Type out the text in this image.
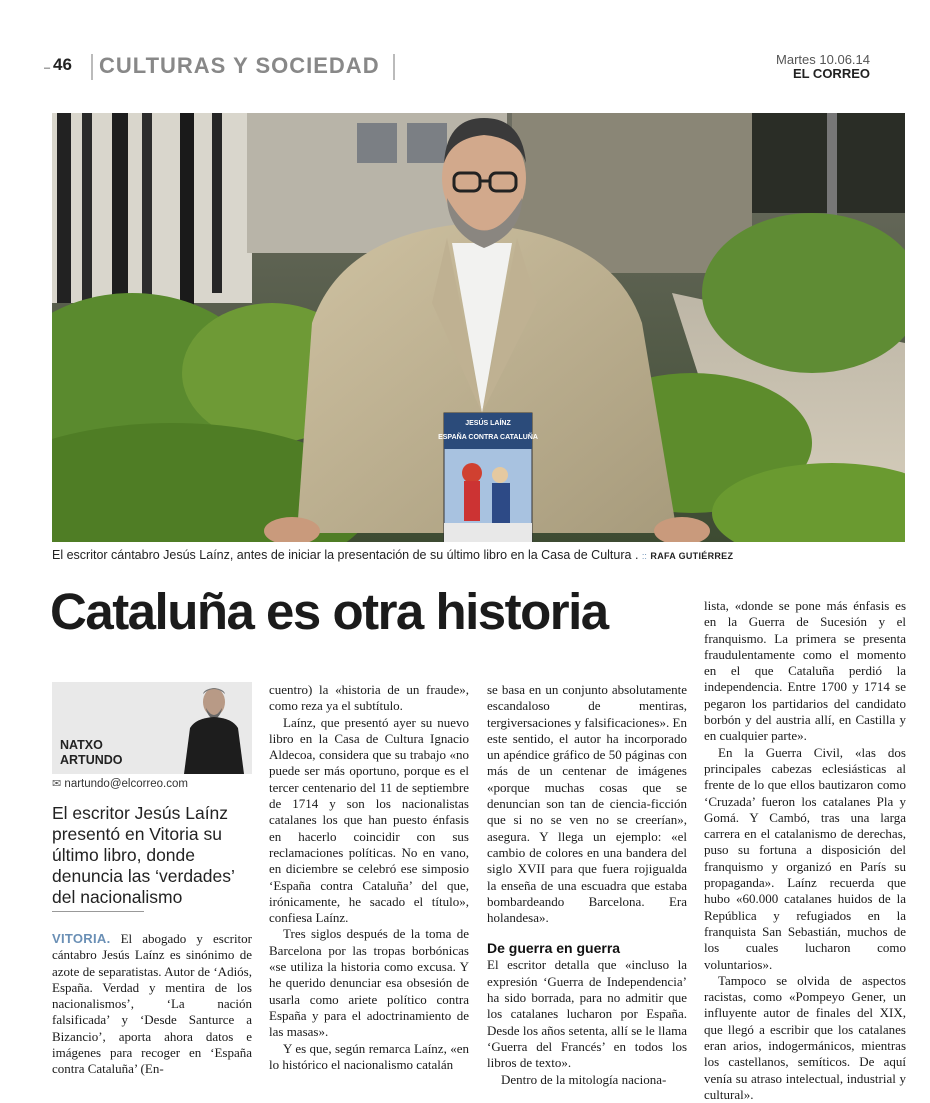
– 46 CULTURAS Y SOCIEDAD	Martes 10.06.14
EL CORREO
JESÚS LAÍNZ
ESPAÑA CONTRA CATALUÑA
El escritor cántabro Jesús Laínz, antes de iniciar la presentación de su último libro en la Casa de Cultura . :: RAFA GUTIÉRREZ
Cataluña es otra historia
NATXO
ARTUNDO
✉ nartundo@elcorreo.com
El escritor Jesús Laínz presentó en Vitoria su último libro, donde denuncia las ‘verdades’ del nacionalismo

VITORIA. El abogado y escritor cántabro Jesús Laínz es sinónimo de azote de separatistas. Autor de ‘Adiós, España. Verdad y mentira de los nacionalismos’, ‘La nación falsificada’ y ‘Desde Santurce a Bizancio’, aporta ahora datos e imágenes para recoger en ‘España contra Cataluña’ (En-

cuentro) la «historia de un fraude», como reza ya el subtítulo.

Laínz, que presentó ayer su nuevo libro en la Casa de Cultura Ignacio Aldecoa, considera que su trabajo «no puede ser más oportuno, porque es el tercer centenario del 11 de septiembre de 1714 y son los nacionalistas catalanes los que han puesto énfasis en hacerlo coincidir con sus reclamaciones políticas. No en vano, en diciembre se celebró ese simposio ‘España contra Cataluña’ del que, irónicamente, he sacado el título», confiesa Laínz.

Tres siglos después de la toma de Barcelona por las tropas borbónicas «se utiliza la historia como excusa. Y he querido denunciar esa obsesión de usarla como ariete político contra España y para el adoctrinamiento de las masas».

Y es que, según remarca Laínz, «en lo histórico el nacionalismo catalán

se basa en un conjunto absolutamente escandaloso de mentiras, tergiversaciones y falsificaciones». En este sentido, el autor ha incorporado un apéndice gráfico de 50 páginas con más de un centenar de imágenes «porque muchas cosas que se denuncian son tan de ciencia-ficción que si no se ven no se creerían», asegura. Y llega un ejemplo: «el cambio de colores en una bandera del siglo XVII para que fuera rojigualda la enseña de una escuadra que estaba bombardeando Barcelona. Era holandesa».

De guerra en guerra

El escritor detalla que «incluso la expresión ‘Guerra de Independencia’ ha sido borrada, para no admitir que los catalanes lucharon por España. Desde los años setenta, allí se le llama ‘Guerra del Francés’ en todos los libros de texto».

Dentro de la mitología naciona-

lista, «donde se pone más énfasis es en la Guerra de Sucesión y el franquismo. La primera se presenta fraudulentamente como el momento en el que Cataluña perdió la independencia. Entre 1700 y 1714 se pegaron los partidarios del candidato borbón y del austria allí, en Castilla y en cualquier parte».

En la Guerra Civil, «las dos principales cabezas eclesiásticas al frente de lo que ellos bautizaron como ‘Cruzada’ fueron los catalanes Pla y Gomá. Y Cambó, tras una larga carrera en el catalanismo de derechas, puso su fortuna a disposición del franquismo y organizó en París su propaganda». Laínz recuerda que hubo «60.000 catalanes huidos de la República y refugiados en la franquista San Sebastián, muchos de los cuales lucharon como voluntarios».

Tampoco se olvida de aspectos racistas, como «Pompeyo Gener, un influyente autor de finales del XIX, que llegó a escribir que los catalanes eran arios, indogermánicos, mientras los castellanos, semíticos. De aquí venía su atraso intelectual, industrial y cultural».
